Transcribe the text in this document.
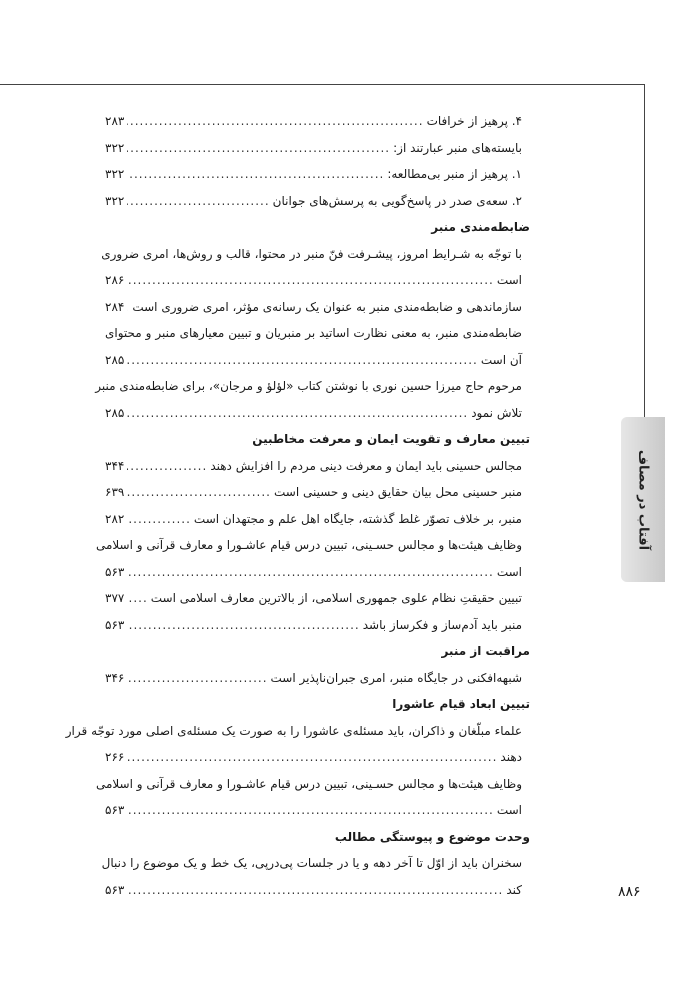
آفتاب در مصاف
۴. پرهیز از خرافات
.....
۲۸۳
بایسته‌های منبر عبارتند از:
.....
۳۲۲
۱. پرهیز از منبر بی‌مطالعه:
.....
۳۲۲
۲. سعه‌ی صدر در پاسخ‌گویی به پرسش‌های جوانان
.....
۳۲۲
ضابطه‌مندی منبر
با توجّه به شـرایط امروز، پیشـرفت فنّ منبر در محتوا، قالب و روش‌ها، امری ضروری
است
.....
۲۸۶
سازماندهی و ضابطه‌مندی منبر به عنوان یک رسانه‌ی مؤثر، امری ضروری است
.....
۲۸۴
ضابطه‌مندی منبر، به معنی نظارت اساتید بر منبریان و تبیین معیارهای منبر و محتوای
آن است
.....
۲۸۵
مرحوم حاج میرزا حسین نوری با نوشتن کتاب «لؤلؤ و مرجان»، برای ضابطه‌مندی منبر
تلاش نمود
.....
۲۸۵
تبیین معارف و تقویت ایمان و معرفت مخاطبین
مجالس حسینی باید ایمان و معرفت دینی مردم را افزایش دهند
.....
۳۴۴
منبر حسینی محل بیان حقایق دینی و حسینی است
.....
۶۳۹
منبر، بر خلاف تصوّر غلط گذشته، جایگاه اهل علم و مجتهدان است
.....
۲۸۲
وظایف هیئت‌ها و مجالس حسـینی، تبیین درس قیام عاشـورا و معارف قرآنی و اسلامی
است
.....
۵۶۳
تبیین حقیقتِ نظام علوی جمهوری اسلامی، از بالاترین معارف اسلامی است
.....
۳۷۷
منبر باید آدم‌ساز و فکرساز باشد
.....
۵۶۳
مراقبت از منبر
شبهه‌افکنی در جایگاه منبر، امری جبران‌ناپذیر است
.....
۳۴۶
تبیین ابعاد قیام عاشورا
علماء مبلّغان و ذاکران، باید مسئله‌ی عاشورا را به صورت یک مسئله‌ی اصلی مورد توجّه قرار
دهند
.....
۲۶۶
وظایف هیئت‌ها و مجالس حسـینی، تبیین درس قیام عاشـورا و معارف قرآنی و اسلامی
است
.....
۵۶۳
وحدت موضوع و پیوستگی مطالب
سخنران باید از اوّل تا آخر دهه و یا در جلسات پی‌درپی، یک خط و یک موضوع را دنبال
کند
.....
۵۶۳	۸۸۶
